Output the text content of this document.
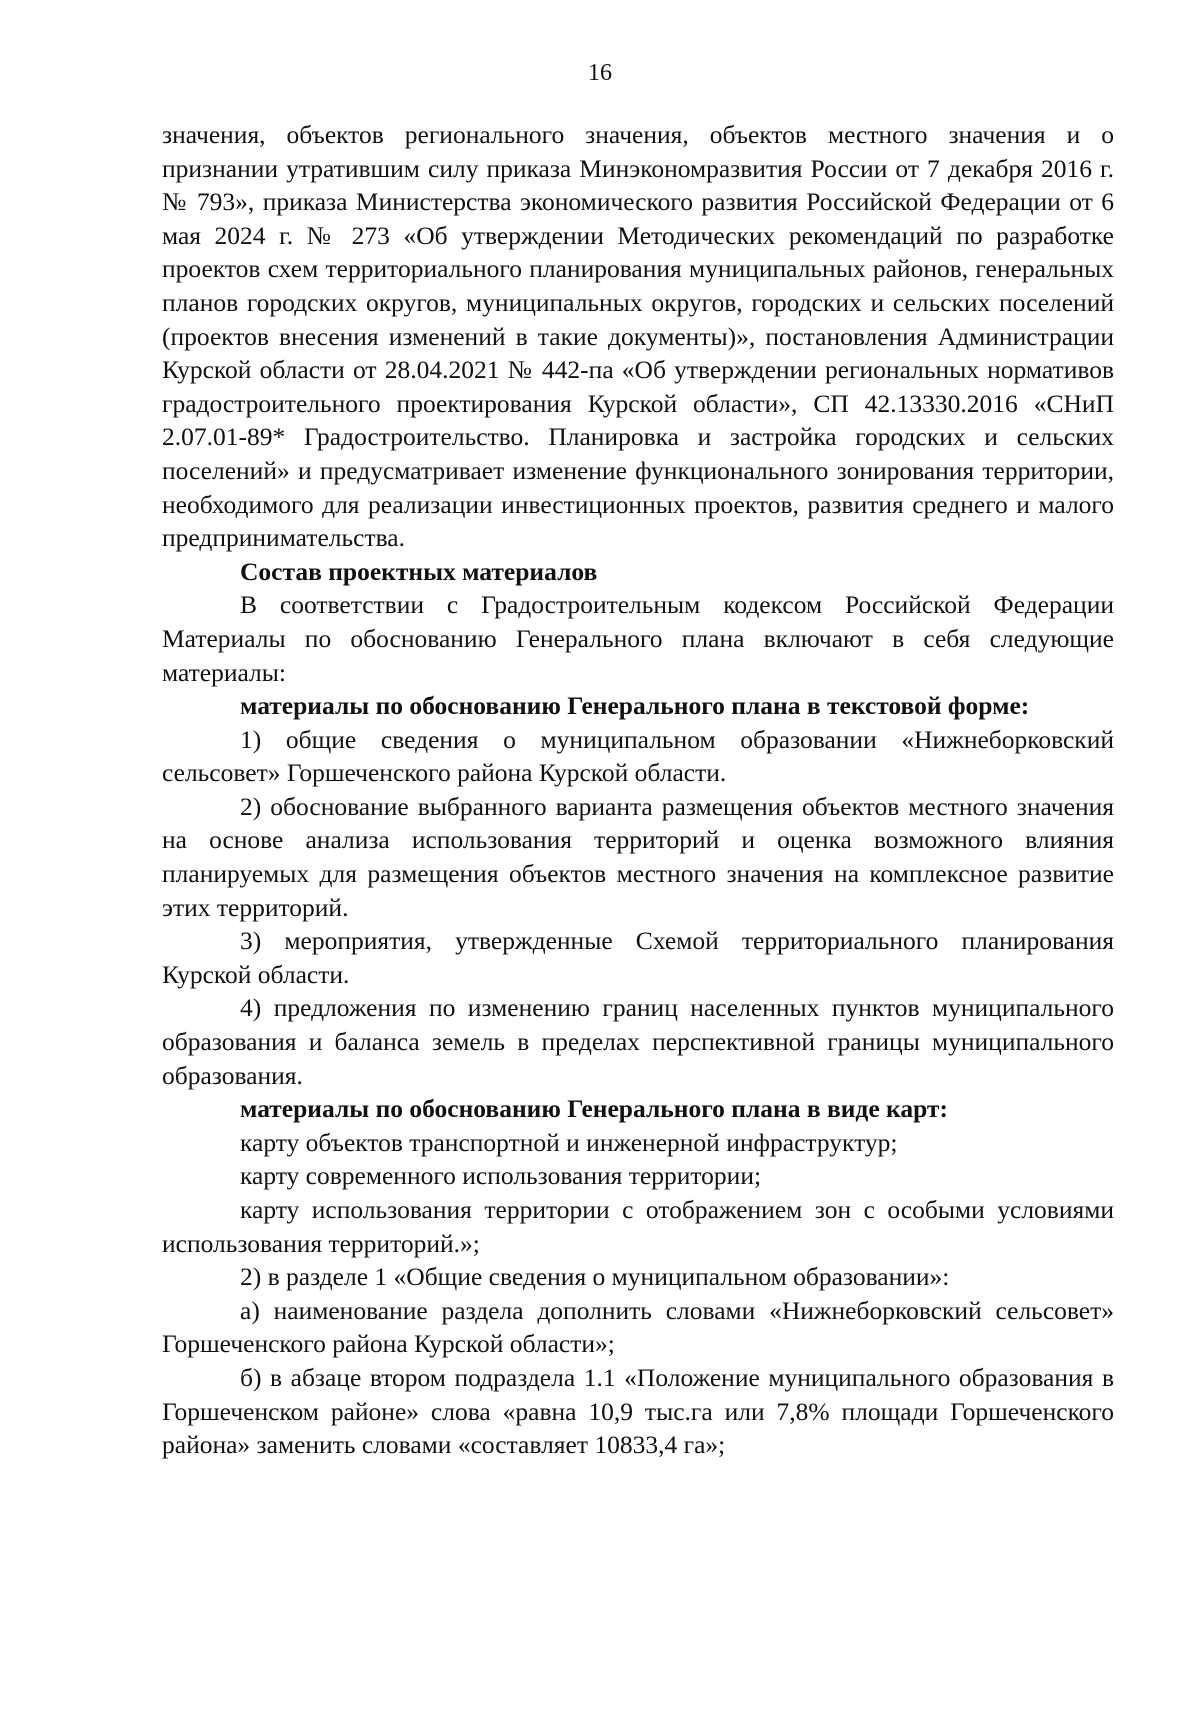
16

значения, объектов регионального значения, объектов местного значения и о признании утратившим силу приказа Минэкономразвития России от 7 декабря 2016 г. № 793», приказа Министерства экономического развития Российской Федерации от 6 мая 2024 г. № 273 «Об утверждении Методических рекомендаций по разработке проектов схем территориального планирования муниципальных районов, генеральных планов городских округов, муниципальных округов, городских и сельских поселений (проектов внесения изменений в такие документы)», постановления Администрации Курской области от 28.04.2021 № 442-па «Об утверждении региональных нормативов градостроительного проектирования Курской области», СП 42.13330.2016 «СНиП 2.07.01-89* Градостроительство. Планировка и застройка городских и сельских поселений» и предусматривает изменение функционального зонирования территории, необходимого для реализации инвестиционных проектов, развития среднего и малого предпринимательства.

Состав проектных материалов

В соответствии с Градостроительным кодексом Российской Федерации Материалы по обоснованию Генерального плана включают в себя следующие материалы:

материалы по обоснованию Генерального плана в текстовой форме:

1) общие сведения о муниципальном образовании «Нижнеборковский сельсовет» Горшеченского района Курской области.

2) обоснование выбранного варианта размещения объектов местного значения на основе анализа использования территорий и оценка возможного влияния планируемых для размещения объектов местного значения на комплексное развитие этих территорий.

3) мероприятия, утвержденные Схемой территориального планирования Курской области.

4) предложения по изменению границ населенных пунктов муниципального образования и баланса земель в пределах перспективной границы муниципального образования.

материалы по обоснованию Генерального плана в виде карт:

карту объектов транспортной и инженерной инфраструктур;

карту современного использования территории;

карту использования территории с отображением зон с особыми условиями использования территорий.»;

2) в разделе 1 «Общие сведения о муниципальном образовании»:

а) наименование раздела дополнить словами «Нижнеборковский сельсовет» Горшеченского района Курской области»;

б) в абзаце втором подраздела 1.1 «Положение муниципального образования в Горшеченском районе» слова «равна 10,9 тыс.га или 7,8% площади Горшеченского района» заменить словами «составляет 10833,4 га»;
